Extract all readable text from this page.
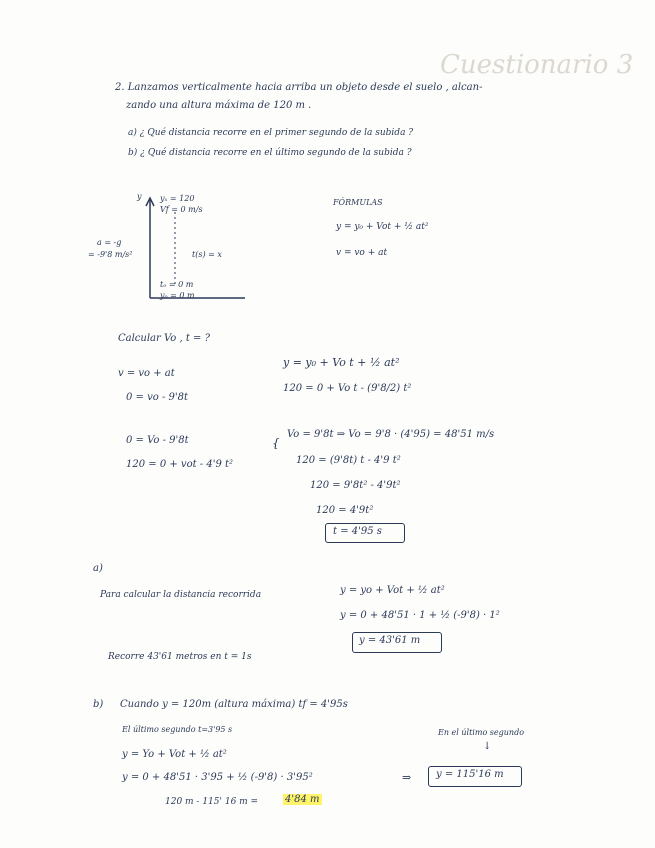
Cuestionario 3
2. Lanzamos verticalmente hacia arriba un objeto desde el suelo , alcan-
zando una altura máxima de 120 m .
a) ¿ Qué distancia recorre en el primer segundo de la subida ?
b) ¿ Qué distancia recorre en el último segundo de la subida ?
y yₓ = 120
Vf = 0 m/s
a = -g
= -9'8 m/s²	t(s) = x
tₒ = 0 m
yₒ = 0 m
FÓRMULAS
y = y₀ + Vot + ½ at²
v = vo + at
Calcular Vo , t = ?
v = vo + at
0 = vo - 9'8t
y = y₀ + Vo t + ½ at²
120 = 0 + Vo t - (9'8/2) t²
0 = Vo - 9'8t
120 = 0 + vot - 4'9 t²
{
Vo = 9'8t ⇒ Vo = 9'8 · (4'95) = 48'51 m/s
120 = (9'8t) t - 4'9 t²
120 = 9'8t² - 4'9t²
120 = 4'9t²
t = 4'95 s
a)
Para calcular la distancia recorrida	y = yo + Vot + ½ at²
y = 0 + 48'51 · 1 + ½ (-9'8) · 1²
y = 43'61 m
Recorre 43'61 metros en t = 1s
b) Cuando y = 120m (altura máxima) tf = 4'95s
El último segundo t=3'95 s	En el último segundo
↓
y = Yo + Vot + ½ at²
y = 0 + 48'51 · 3'95 + ½ (-9'8) · 3'95²	⇒ y = 115'16 m
120 m - 115' 16 m =	4'84 m
